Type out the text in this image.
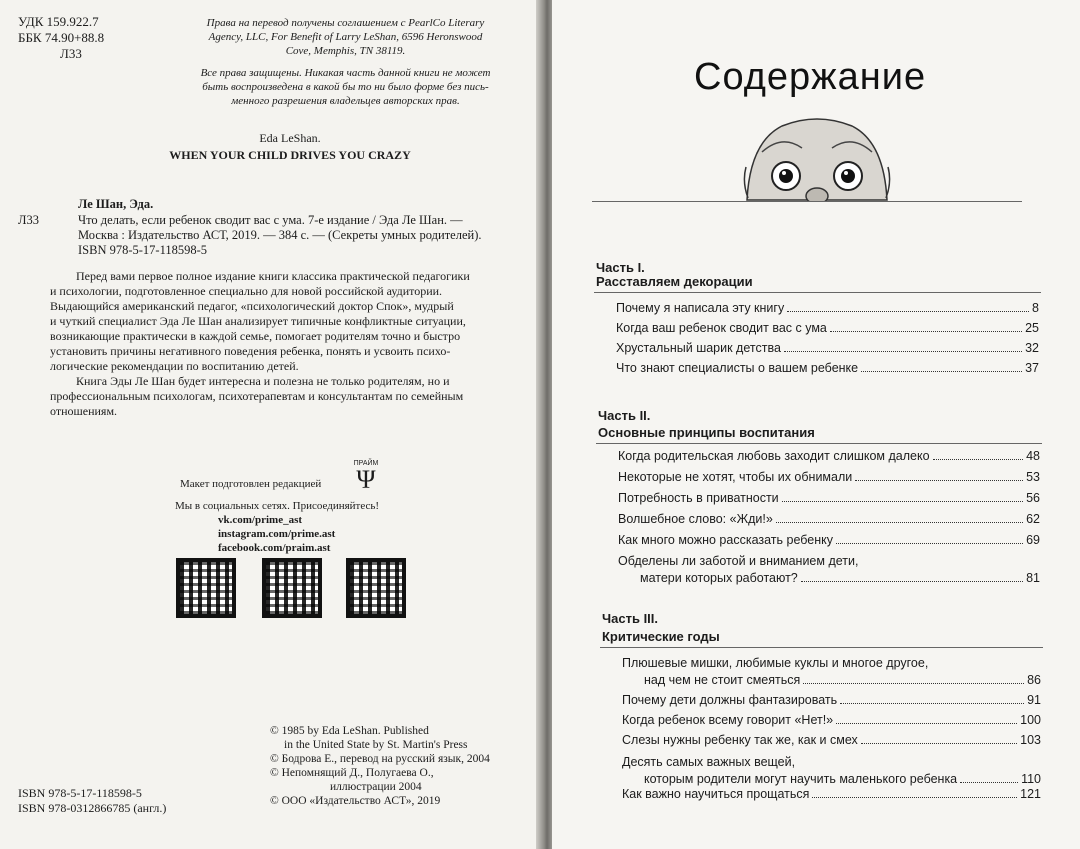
УДК 159.922.7
ББК 74.90+88.8
Л33
Права на перевод получены соглашением с PearlCo Literary
Agency, LLC, For Benefit of Larry LeShan, 6596 Heronswood
Cove, Memphis, TN 38119.
Все права защищены. Никакая часть данной книги не может
быть воспроизведена в какой бы то ни было форме без пись-
менного разрешения владельцев авторских прав.
Eda LeShan.
WHEN YOUR CHILD DRIVES YOU CRAZY
Ле Шан, Эда.
Л33	Что делать, если ребенок сводит вас с ума. 7-е издание / Эда Ле Шан. —
Москва : Издательство АСТ, 2019. — 384 с. — (Секреты умных родителей).
ISBN 978-5-17-118598-5
Перед вами первое полное издание книги классика практической педагогики
и психологии, подготовленное специально для новой российской аудитории.
Выдающийся американский педагог, «психологический доктор Спок», мудрый
и чуткий специалист Эда Ле Шан анализирует типичные конфликтные ситуации,
возникающие практически в каждой семье, помогает родителям точно и быстро
установить причины негативного поведения ребенка, понять и усвоить психо-
логические рекомендации по воспитанию детей.
Книга Эды Ле Шан будет интересна и полезна не только родителям, но и
профессиональным психологам, психотерапевтам и консультантам по семейным
отношениям.
Макет подготовлен редакцией
ПРАЙМ
Ψ
Мы в социальных сетях. Присоединяйтесь!
vk.com/prime_ast
instagram.com/prime.ast
facebook.com/praim.ast
© 1985 by Eda LeShan. Published
in the United State by St. Martin's Press
© Бодрова Е., перевод на русский язык, 2004
© Непомнящий Д., Полугаева О.,
иллюстрации 2004
© ООО «Издательство АСТ», 2019
ISBN 978-5-17-118598-5
ISBN 978-0312866785 (англ.)
Содержание
Часть I.
Расставляем декорации
Почему я написала эту книгу	8
Когда ваш ребенок сводит вас с ума	25
Хрустальный шарик детства	32
Что знают специалисты о вашем ребенке	37
Часть II.
Основные принципы воспитания
Когда родительская любовь заходит слишком далеко	48
Некоторые не хотят, чтобы их обнимали	53
Потребность в приватности	56
Волшебное слово: «Жди!»	62
Как много можно рассказать ребенку	69
Обделены ли заботой и вниманием дети,
матери которых работают?	81
Часть III.
Критические годы
Плюшевые мишки, любимые куклы и многое другое,
над чем не стоит смеяться	86
Почему дети должны фантазировать	91
Когда ребенок всему говорит «Нет!»	100
Слезы нужны ребенку так же, как и смех	103
Десять самых важных вещей,
которым родители могут научить маленького ребенка	110
Как важно научиться прощаться	121
